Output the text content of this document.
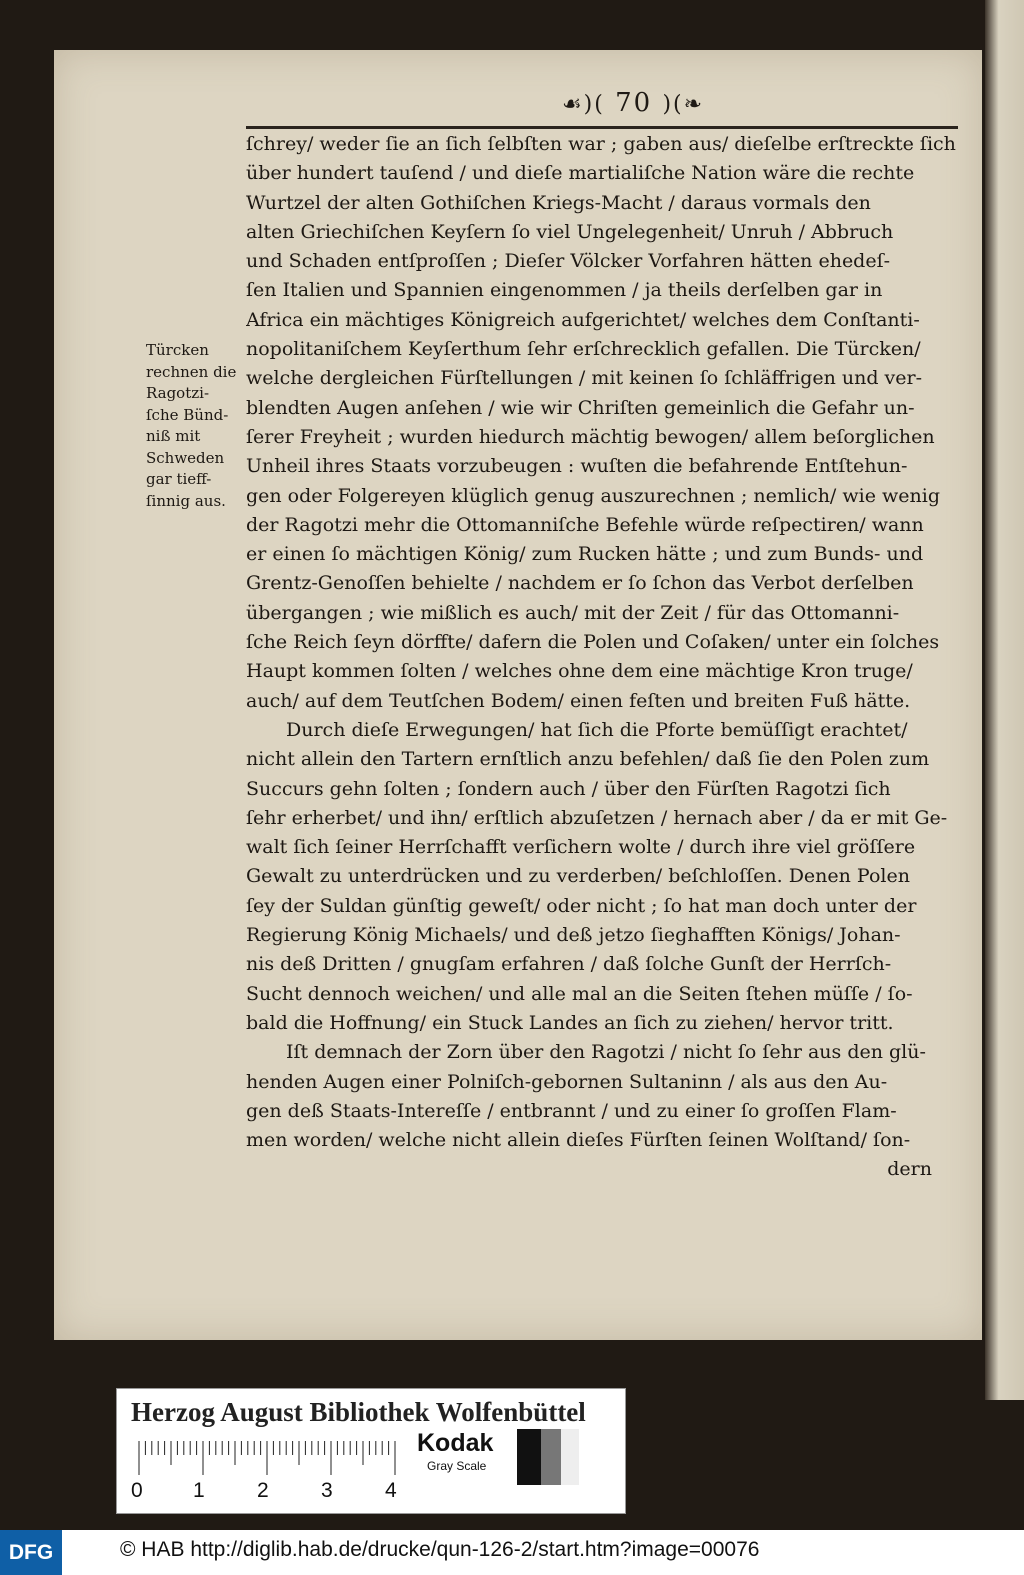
☙)( 70 )(❧
Türcken
rechnen die
Ragotzi-
ſche Bünd-
niß mit
Schweden
gar tieff-
ſinnig aus.
ſchrey/ weder ſie an ſich ſelbſten war ; gaben aus/ dieſelbe erſtreckte ſich
über hundert tauſend / und dieſe martialiſche Nation wäre die rechte
Wurtzel der alten Gothiſchen Kriegs-Macht / daraus vormals den
alten Griechiſchen Keyſern ſo viel Ungelegenheit/ Unruh / Abbruch
und Schaden entſproſſen ; Dieſer Völcker Vorfahren hätten ehedeſ-
ſen Italien und Spannien eingenommen / ja theils derſelben gar in
Africa ein mächtiges Königreich aufgerichtet/ welches dem Conſtanti-
nopolitaniſchem Keyſerthum ſehr erſchrecklich gefallen. Die Türcken/
welche dergleichen Fürſtellungen / mit keinen ſo ſchläffrigen und ver-
blendten Augen anſehen / wie wir Chriſten gemeinlich die Gefahr un-
ſerer Freyheit ; wurden hiedurch mächtig bewogen/ allem beſorglichen
Unheil ihres Staats vorzubeugen : wuſten die befahrende Entſtehun-
gen oder Folgereyen klüglich genug auszurechnen ; nemlich/ wie wenig
der Ragotzi mehr die Ottomanniſche Befehle würde reſpectiren/ wann
er einen ſo mächtigen König/ zum Rucken hätte ; und zum Bunds- und
Grentz-Genoſſen behielte / nachdem er ſo ſchon das Verbot derſelben
übergangen ; wie mißlich es auch/ mit der Zeit / für das Ottomanni-
ſche Reich ſeyn dörffte/ dafern die Polen und Coſaken/ unter ein ſolches
Haupt kommen ſolten / welches ohne dem eine mächtige Kron truge/
auch/ auf dem Teutſchen Bodem/ einen feſten und breiten Fuß hätte.
Durch dieſe Erwegungen/ hat ſich die Pforte bemüſſigt erachtet/
nicht allein den Tartern ernſtlich anzu befehlen/ daß ſie den Polen zum
Succurs gehn ſolten ; ſondern auch / über den Fürſten Ragotzi ſich
ſehr erherbet/ und ihn/ erſtlich abzuſetzen / hernach aber / da er mit Ge-
walt ſich ſeiner Herrſchafft verſichern wolte / durch ihre viel gröſſere
Gewalt zu unterdrücken und zu verderben/ beſchloſſen. Denen Polen
ſey der Suldan günſtig geweſt/ oder nicht ; ſo hat man doch unter der
Regierung König Michaels/ und deß jetzo ſieghafften Königs/ Johan-
nis deß Dritten / gnugſam erfahren / daß ſolche Gunſt der Herrſch-
Sucht dennoch weichen/ und alle mal an die Seiten ſtehen müſſe / ſo-
bald die Hoffnung/ ein Stuck Landes an ſich zu ziehen/ hervor tritt.
Iſt demnach der Zorn über den Ragotzi / nicht ſo ſehr aus den glü-
henden Augen einer Polniſch-gebornen Sultaninn / als aus den Au-
gen deß Staats-Intereſſe / entbrannt / und zu einer ſo groſſen Flam-
men worden/ welche nicht allein dieſes Fürſten ſeinen Wolſtand/ ſon-
dern
Herzog August Bibliothek Wolfenbüttel
0 1 2 3 4
Kodak
Gray Scale
DFG	© HAB http://diglib.hab.de/drucke/qun-126-2/start.htm?image=00076
